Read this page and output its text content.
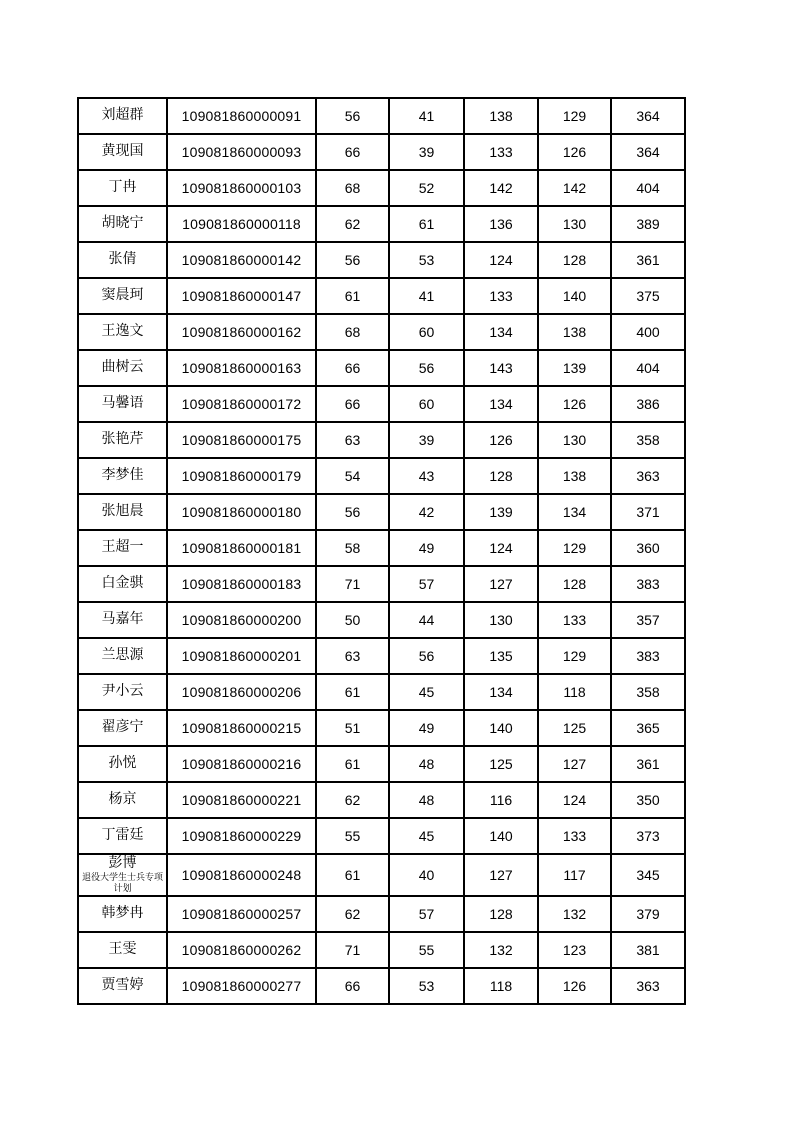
刘超群	109081860000091	56	41	138	129	364

黄现国	109081860000093	66	39	133	126	364

丁冉	109081860000103	68	52	142	142	404

胡晓宁	109081860000118	62	61	136	130	389

张倩	109081860000142	56	53	124	128	361

窦晨珂	109081860000147	61	41	133	140	375

王逸文	109081860000162	68	60	134	138	400

曲树云	109081860000163	66	56	143	139	404

马馨语	109081860000172	66	60	134	126	386

张艳芹	109081860000175	63	39	126	130	358

李梦佳	109081860000179	54	43	128	138	363

张旭晨	109081860000180	56	42	139	134	371

王超一	109081860000181	58	49	124	129	360

白金骐	109081860000183	71	57	127	128	383

马嘉年	109081860000200	50	44	130	133	357

兰思源	109081860000201	63	56	135	129	383

尹小云	109081860000206	61	45	134	118	358

翟彦宁	109081860000215	51	49	140	125	365

孙悦	109081860000216	61	48	125	127	361

杨京	109081860000221	62	48	116	124	350

丁雷廷	109081860000229	55	45	140	133	373

彭博
退役大学生士兵专项计划	109081860000248	61	40	127	117	345

韩梦冉	109081860000257	62	57	128	132	379

王雯	109081860000262	71	55	132	123	381

贾雪婷	109081860000277	66	53	118	126	363
